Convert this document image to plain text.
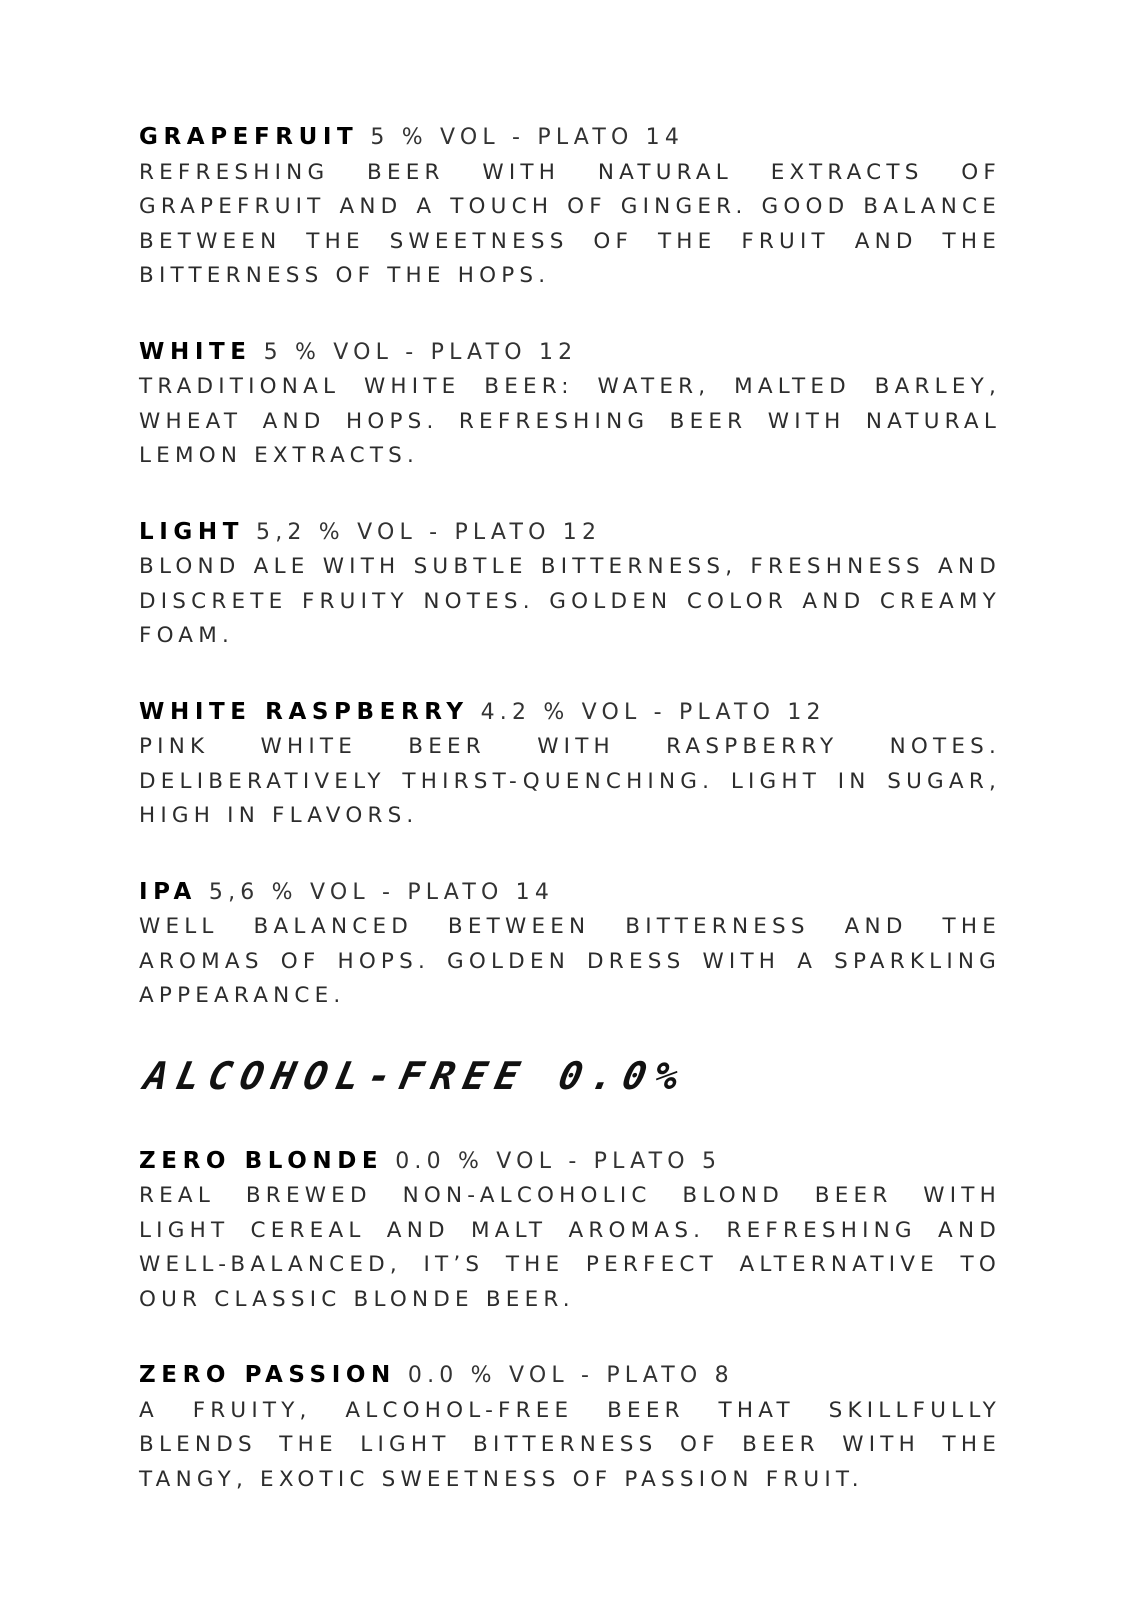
GRAPEFRUIT 5 % VOL - PLATO 14
REFRESHING BEER WITH NATURAL EXTRACTS OF GRAPEFRUIT AND A TOUCH OF GINGER. GOOD BALANCE BETWEEN THE SWEETNESS OF THE FRUIT AND THE BITTERNESS OF THE HOPS.
WHITE 5 % VOL - PLATO 12
TRADITIONAL WHITE BEER: WATER, MALTED BARLEY, WHEAT AND HOPS. REFRESHING BEER WITH NATURAL LEMON EXTRACTS.
LIGHT 5,2 % VOL - PLATO 12
BLOND ALE WITH SUBTLE BITTERNESS, FRESHNESS AND DISCRETE FRUITY NOTES. GOLDEN COLOR AND CREAMY FOAM.
WHITE RASPBERRY 4.2 % VOL - PLATO 12
PINK WHITE BEER WITH RASPBERRY NOTES. DELIBERATIVELY THIRST-QUENCHING. LIGHT IN SUGAR, HIGH IN FLAVORS.
IPA 5,6 % VOL - PLATO 14
WELL BALANCED BETWEEN BITTERNESS AND THE AROMAS OF HOPS. GOLDEN DRESS WITH A SPARKLING APPEARANCE.
ALCOHOL-FREE 0.0%
ZERO BLONDE 0.0 % VOL - PLATO 5
REAL BREWED NON-ALCOHOLIC BLOND BEER WITH LIGHT CEREAL AND MALT AROMAS. REFRESHING AND WELL-BALANCED, IT’S THE PERFECT ALTERNATIVE TO OUR CLASSIC BLONDE BEER.
ZERO PASSION 0.0 % VOL - PLATO 8
A FRUITY, ALCOHOL-FREE BEER THAT SKILLFULLY BLENDS THE LIGHT BITTERNESS OF BEER WITH THE TANGY, EXOTIC SWEETNESS OF PASSION FRUIT.
